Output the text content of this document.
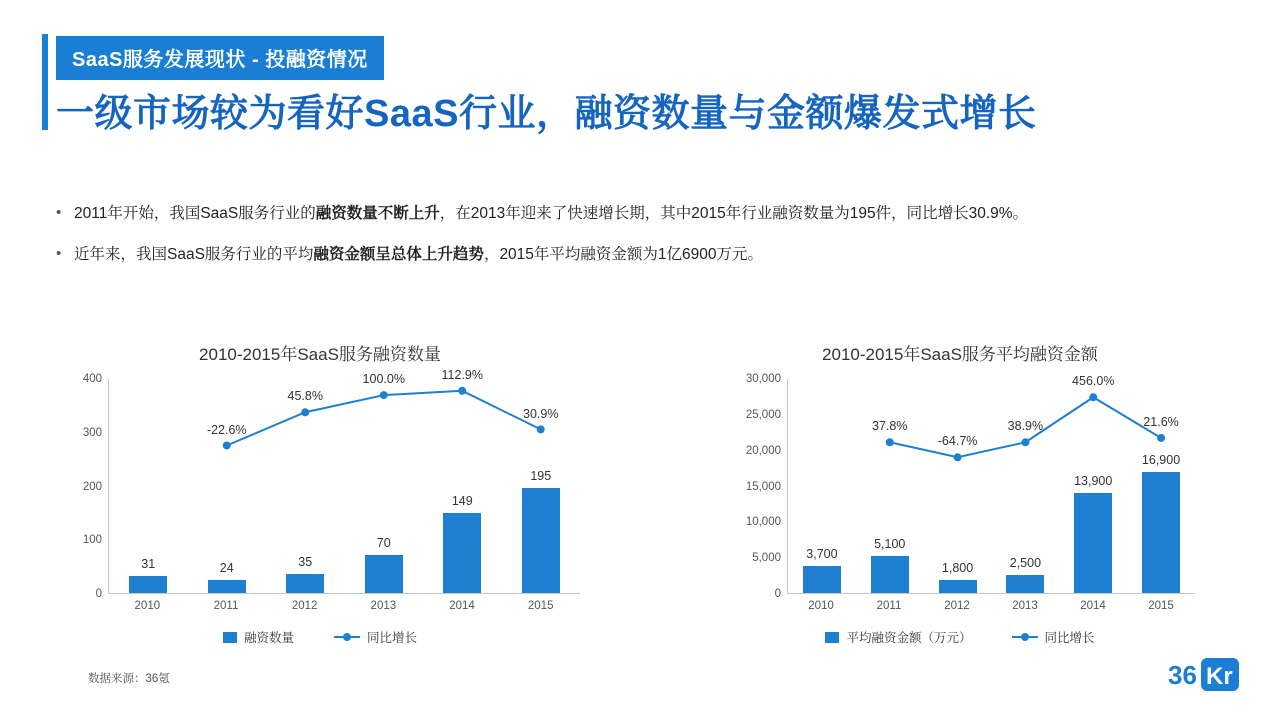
SaaS服务发展现状 - 投融资情况
一级市场较为看好SaaS行业，融资数量与金额爆发式增长
• 2011年开始，我国SaaS服务行业的融资数量不断上升，在2013年迎来了快速增长期，其中2015年行业融资数量为195件，同比增长30.9%。
• 近年来，我国SaaS服务行业的平均融资金额呈总体上升趋势，2015年平均融资金额为1亿6900万元。
2010-2015年SaaS服务融资数量
0
100
200
300
400
31	24	35
70
149
195
-22.6%
45.8%
100.0%	112.9%
30.9%
2010	2011	2012	2013	2014	2015
融资数量	同比增长
2010-2015年SaaS服务平均融资金额
0
5,000
10,000
15,000
20,000
25,000
30,000
3,700
5,100
1,800	2,500
13,900
16,900
37.8%
-64.7%
38.9%
456.0%
21.6%
2010	2011	2012	2013	2014	2015
平均融资金额（万元）	同比增长
数据来源：36氪	36 Kr
